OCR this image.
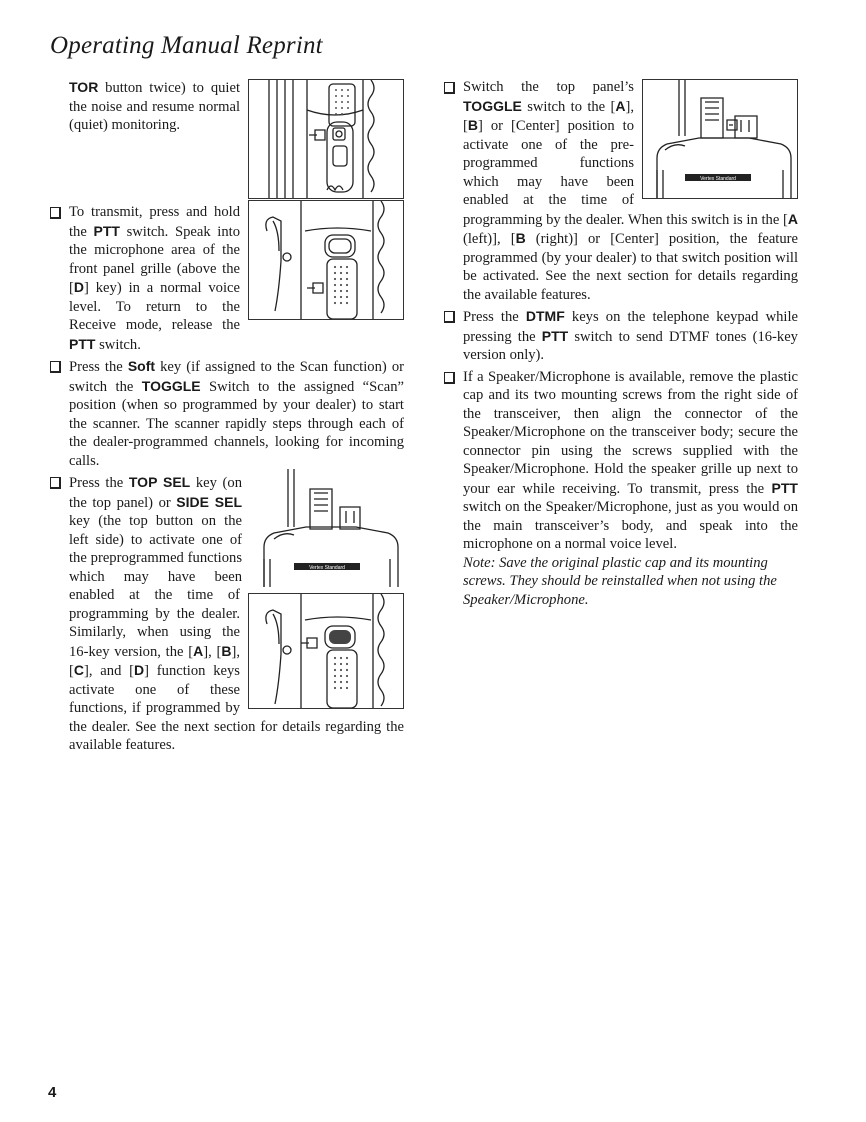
Operating Manual Reprint
TOR button twice) to quiet the noise and resume normal (quiet) monitoring.
To transmit, press and hold the PTT switch. Speak into the microphone area of the front panel grille (above the [D] key) in a normal voice level. To return to the Receive mode, release the PTT switch.
Press the Soft key (if assigned to the Scan function) or switch the TOGGLE Switch to the assigned “Scan” position (when so programmed by your dealer) to start the scanner. The scanner rapidly steps through each of the dealer-programmed channels, looking for incoming calls.
Vertex Standard
Press the TOP SEL key (on the top panel) or SIDE SEL key (the top button on the left side) to activate one of the preprogrammed functions which may have been enabled at the time of programming by the dealer. Similarly, when using the 16-key version, the [A], [B], [C], and [D] function keys activate one of these functions, if programmed by the dealer. See the next section for details regarding the available features.
Vertex Standard
Switch the top panel’s TOGGLE switch to the [A], [B] or [Center] position to activate one of the pre-programmed functions which may have been enabled at the time of programming by the dealer. When this switch is in the [A (left)], [B (right)] or [Center] position, the feature programmed (by your dealer) to that switch position will be activated. See the next section for details regarding the available features.
Press the DTMF keys on the telephone keypad while pressing the PTT switch to send DTMF tones (16-key version only).
If a Speaker/Microphone is available, remove the plastic cap and its two mounting screws from the right side of the transceiver, then align the connector of the Speaker/Microphone on the transceiver body; secure the connector pin using the screws supplied with the Speaker/Microphone. Hold the speaker grille up next to your ear while receiving. To transmit, press the PTT switch on the Speaker/Microphone, just as you would on the main transceiver’s body, and speak into the microphone on a normal voice level.

Note: Save the original plastic cap and its mounting screws. They should be reinstalled when not using the Speaker/Microphone.

4
